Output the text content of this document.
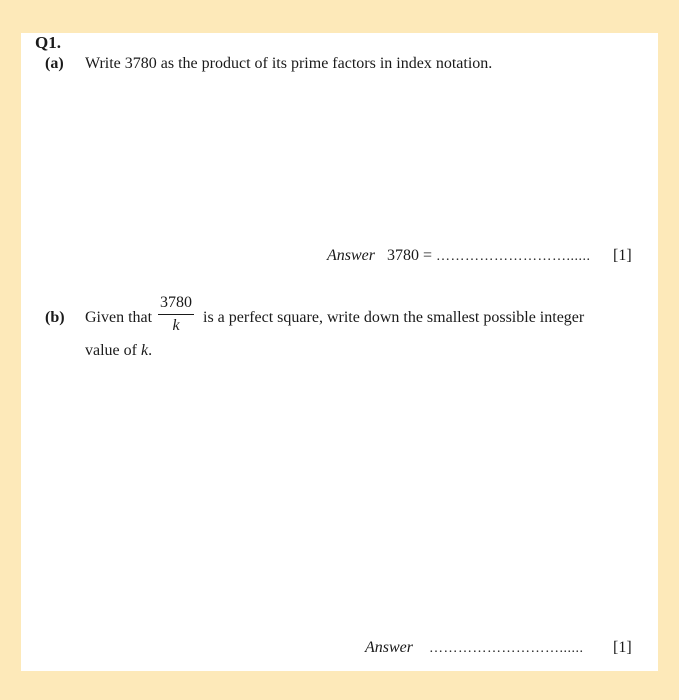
Q1.
(a) Write 3780 as the product of its prime factors in index notation.
Answer 3780 = ………………………...... [1]
(b) Given that $\frac{3780}{k}$ is a perfect square, write down the smallest possible integer
value of k.
Answer ………………………...... [1]
